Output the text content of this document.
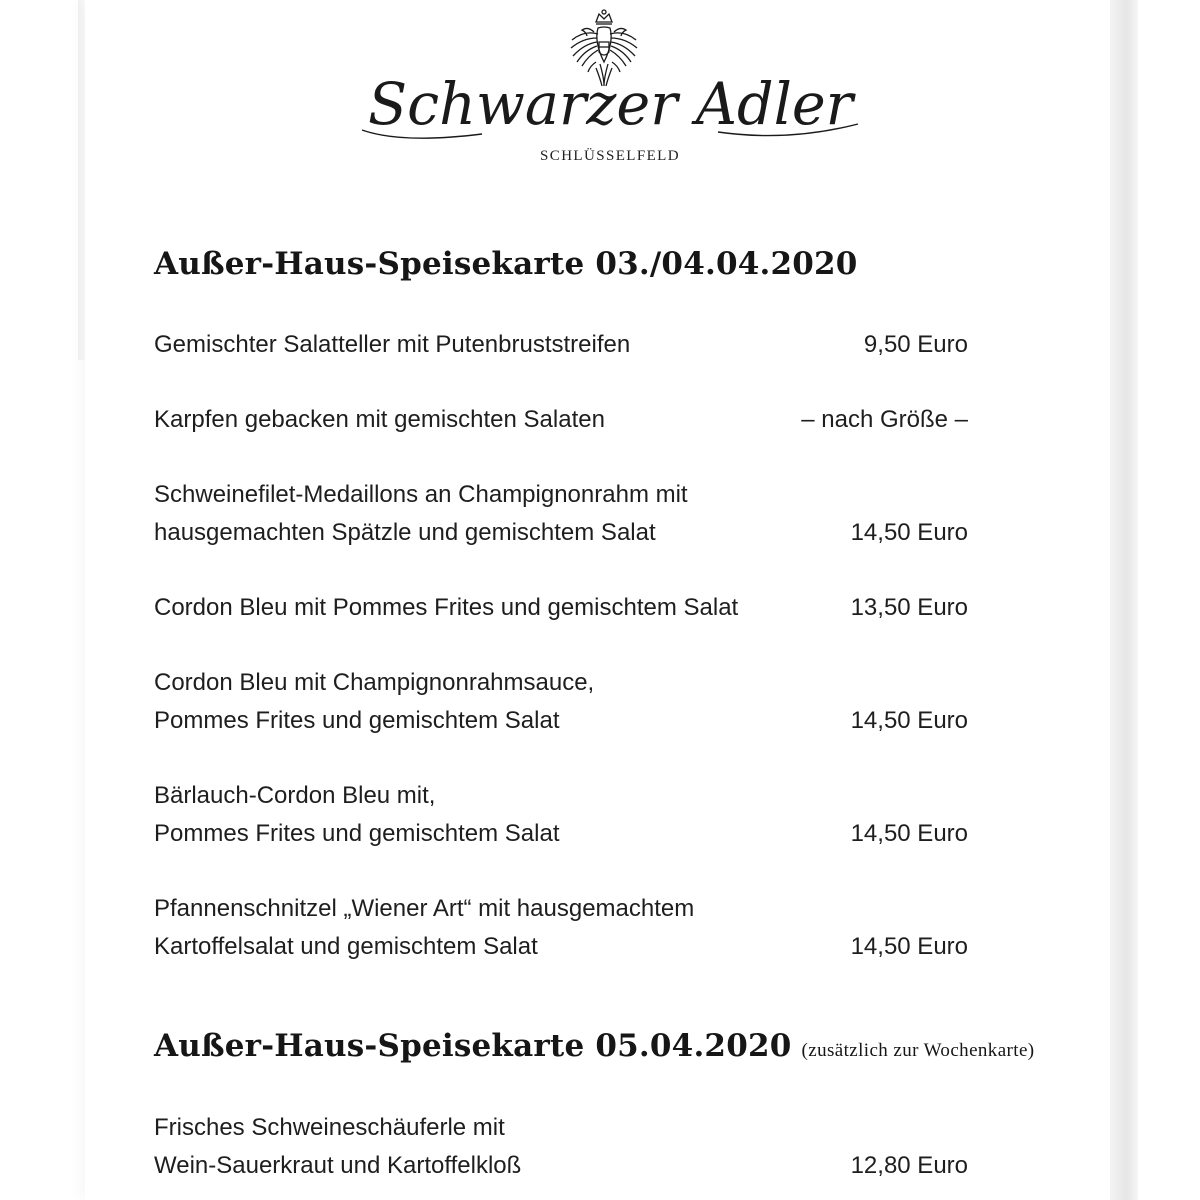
Schwarzer Adler
SCHLÜSSELFELD
Außer-Haus-Speisekarte 03./04.04.2020
Gemischter Salatteller mit Putenbruststreifen	9,50 Euro
Karpfen gebacken mit gemischten Salaten	– nach Größe –
Schweinefilet-Medaillons an Champignonrahm mit
hausgemachten Spätzle und gemischtem Salat	14,50 Euro
Cordon Bleu mit Pommes Frites und gemischtem Salat	13,50 Euro
Cordon Bleu mit Champignonrahmsauce,
Pommes Frites und gemischtem Salat	14,50 Euro
Bärlauch-Cordon Bleu mit,
Pommes Frites und gemischtem Salat	14,50 Euro
Pfannenschnitzel „Wiener Art“ mit hausgemachtem
Kartoffelsalat und gemischtem Salat	14,50 Euro
Außer-Haus-Speisekarte 05.04.2020 (zusätzlich zur Wochenkarte)
Frisches Schweineschäuferle mit
Wein-Sauerkraut und Kartoffelkloß	12,80 Euro
